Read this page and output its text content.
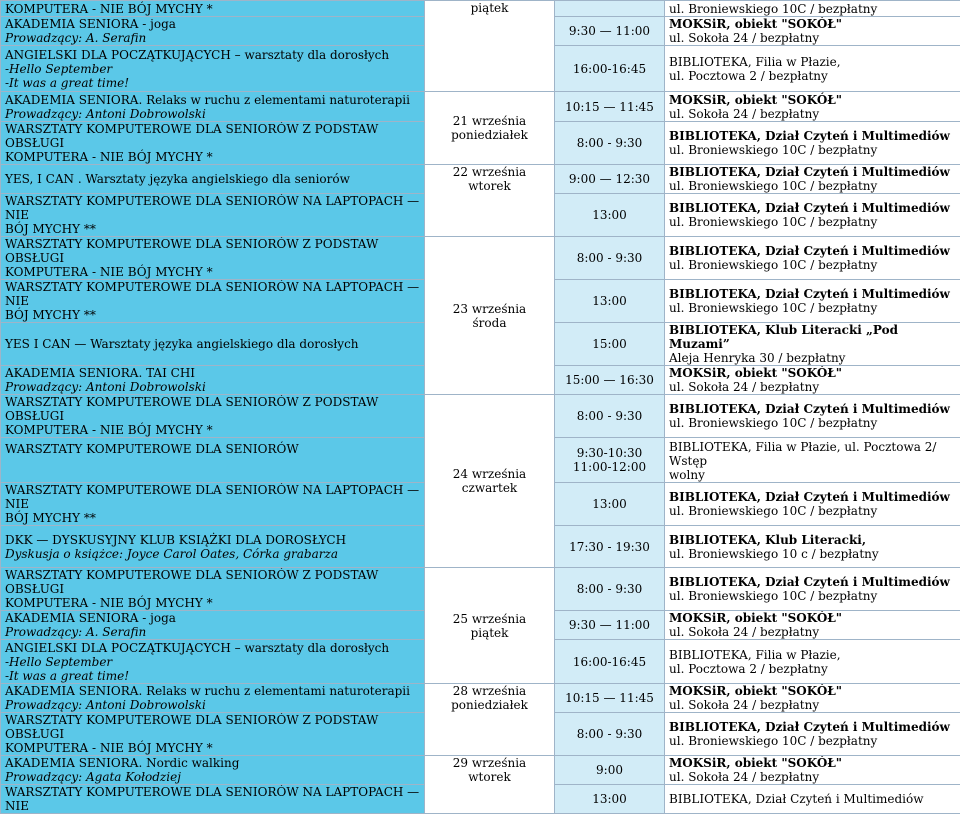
KOMPUTERA - NIE BÓJ MYCHY *	piątek		ul. Broniewskiego 10C / bezpłatny

AKADEMIA SENIORA - joga
Prowadzący: A. Serafin		9:30 — 11:00	MOKSiR, obiekt "SOKÓŁ"
ul. Sokoła 24 / bezpłatny

ANGIELSKI DLA POCZĄTKUJĄCYCH – warsztaty dla dorosłych
-Hello September
-It was a great time!		16:00-16:45	BIBLIOTEKA, Filia w Płazie,
ul. Pocztowa 2 / bezpłatny

AKADEMIA SENIORA. Relaks w ruchu z elementami naturoterapii
Prowadzący: Antoni Dobrowolski	21 września
poniedziałek	10:15 — 11:45	MOKSiR, obiekt "SOKÓŁ"
ul. Sokoła 24 / bezpłatny

WARSZTATY KOMPUTEROWE DLA SENIORÓW Z PODSTAW OBSŁUGI
KOMPUTERA - NIE BÓJ MYCHY *		8:00 - 9:30	BIBLIOTEKA, Dział Czyteń i Multimediów
ul. Broniewskiego 10C / bezpłatny

YES, I CAN . Warsztaty języka angielskiego dla seniorów	22 września
wtorek	9:00 — 12:30	BIBLIOTEKA, Dział Czyteń i Multimediów
ul. Broniewskiego 10C / bezpłatny

WARSZTATY KOMPUTEROWE DLA SENIORÓW NA LAPTOPACH — NIE
BÓJ MYCHY **		13:00	BIBLIOTEKA, Dział Czyteń i Multimediów
ul. Broniewskiego 10C / bezpłatny

WARSZTATY KOMPUTEROWE DLA SENIORÓW Z PODSTAW OBSŁUGI
KOMPUTERA - NIE BÓJ MYCHY *	23 września
środa	8:00 - 9:30	BIBLIOTEKA, Dział Czyteń i Multimediów
ul. Broniewskiego 10C / bezpłatny

WARSZTATY KOMPUTEROWE DLA SENIORÓW NA LAPTOPACH — NIE
BÓJ MYCHY **		13:00	BIBLIOTEKA, Dział Czyteń i Multimediów
ul. Broniewskiego 10C / bezpłatny

YES I CAN — Warsztaty języka angielskiego dla dorosłych		15:00	BIBLIOTEKA, Klub Literacki „Pod Muzami”
Aleja Henryka 30 / bezpłatny

AKADEMIA SENIORA. TAI CHI
Prowadzący: Antoni Dobrowolski		15:00 — 16:30	MOKSiR, obiekt "SOKÓŁ"
ul. Sokoła 24 / bezpłatny

WARSZTATY KOMPUTEROWE DLA SENIORÓW Z PODSTAW OBSŁUGI
KOMPUTERA - NIE BÓJ MYCHY *	24 września
czwartek	8:00 - 9:30	BIBLIOTEKA, Dział Czyteń i Multimediów
ul. Broniewskiego 10C / bezpłatny

WARSZTATY KOMPUTEROWE DLA SENIORÓW		9:30-10:30
11:00-12:00	BIBLIOTEKA, Filia w Płazie, ul. Pocztowa 2/ Wstęp
wolny

WARSZTATY KOMPUTEROWE DLA SENIORÓW NA LAPTOPACH — NIE
BÓJ MYCHY **		13:00	BIBLIOTEKA, Dział Czyteń i Multimediów
ul. Broniewskiego 10C / bezpłatny

DKK — DYSKUSYJNY KLUB KSIĄŻKI DLA DOROSŁYCH
Dyskusja o książce: Joyce Carol Oates, Córka grabarza		17:30 - 19:30	BIBLIOTEKA, Klub Literacki,
ul. Broniewskiego 10 c / bezpłatny

WARSZTATY KOMPUTEROWE DLA SENIORÓW Z PODSTAW OBSŁUGI
KOMPUTERA - NIE BÓJ MYCHY *	25 września
piątek	8:00 - 9:30	BIBLIOTEKA, Dział Czyteń i Multimediów
ul. Broniewskiego 10C / bezpłatny

AKADEMIA SENIORA - joga
Prowadzący: A. Serafin		9:30 — 11:00	MOKSiR, obiekt "SOKÓŁ"
ul. Sokoła 24 / bezpłatny

ANGIELSKI DLA POCZĄTKUJĄCYCH – warsztaty dla dorosłych
-Hello September
-It was a great time!		16:00-16:45	BIBLIOTEKA, Filia w Płazie,
ul. Pocztowa 2 / bezpłatny

AKADEMIA SENIORA. Relaks w ruchu z elementami naturoterapii
Prowadzący: Antoni Dobrowolski	28 września
poniedziałek	10:15 — 11:45	MOKSiR, obiekt "SOKÓŁ"
ul. Sokoła 24 / bezpłatny

WARSZTATY KOMPUTEROWE DLA SENIORÓW Z PODSTAW OBSŁUGI
KOMPUTERA - NIE BÓJ MYCHY *		8:00 - 9:30	BIBLIOTEKA, Dział Czyteń i Multimediów
ul. Broniewskiego 10C / bezpłatny

AKADEMIA SENIORA. Nordic walking
Prowadzący: Agata Kołodziej	29 września
wtorek	9:00	MOKSiR, obiekt "SOKÓŁ"
ul. Sokoła 24 / bezpłatny

WARSZTATY KOMPUTEROWE DLA SENIORÓW NA LAPTOPACH — NIE		13:00	BIBLIOTEKA, Dział Czyteń i Multimediów
